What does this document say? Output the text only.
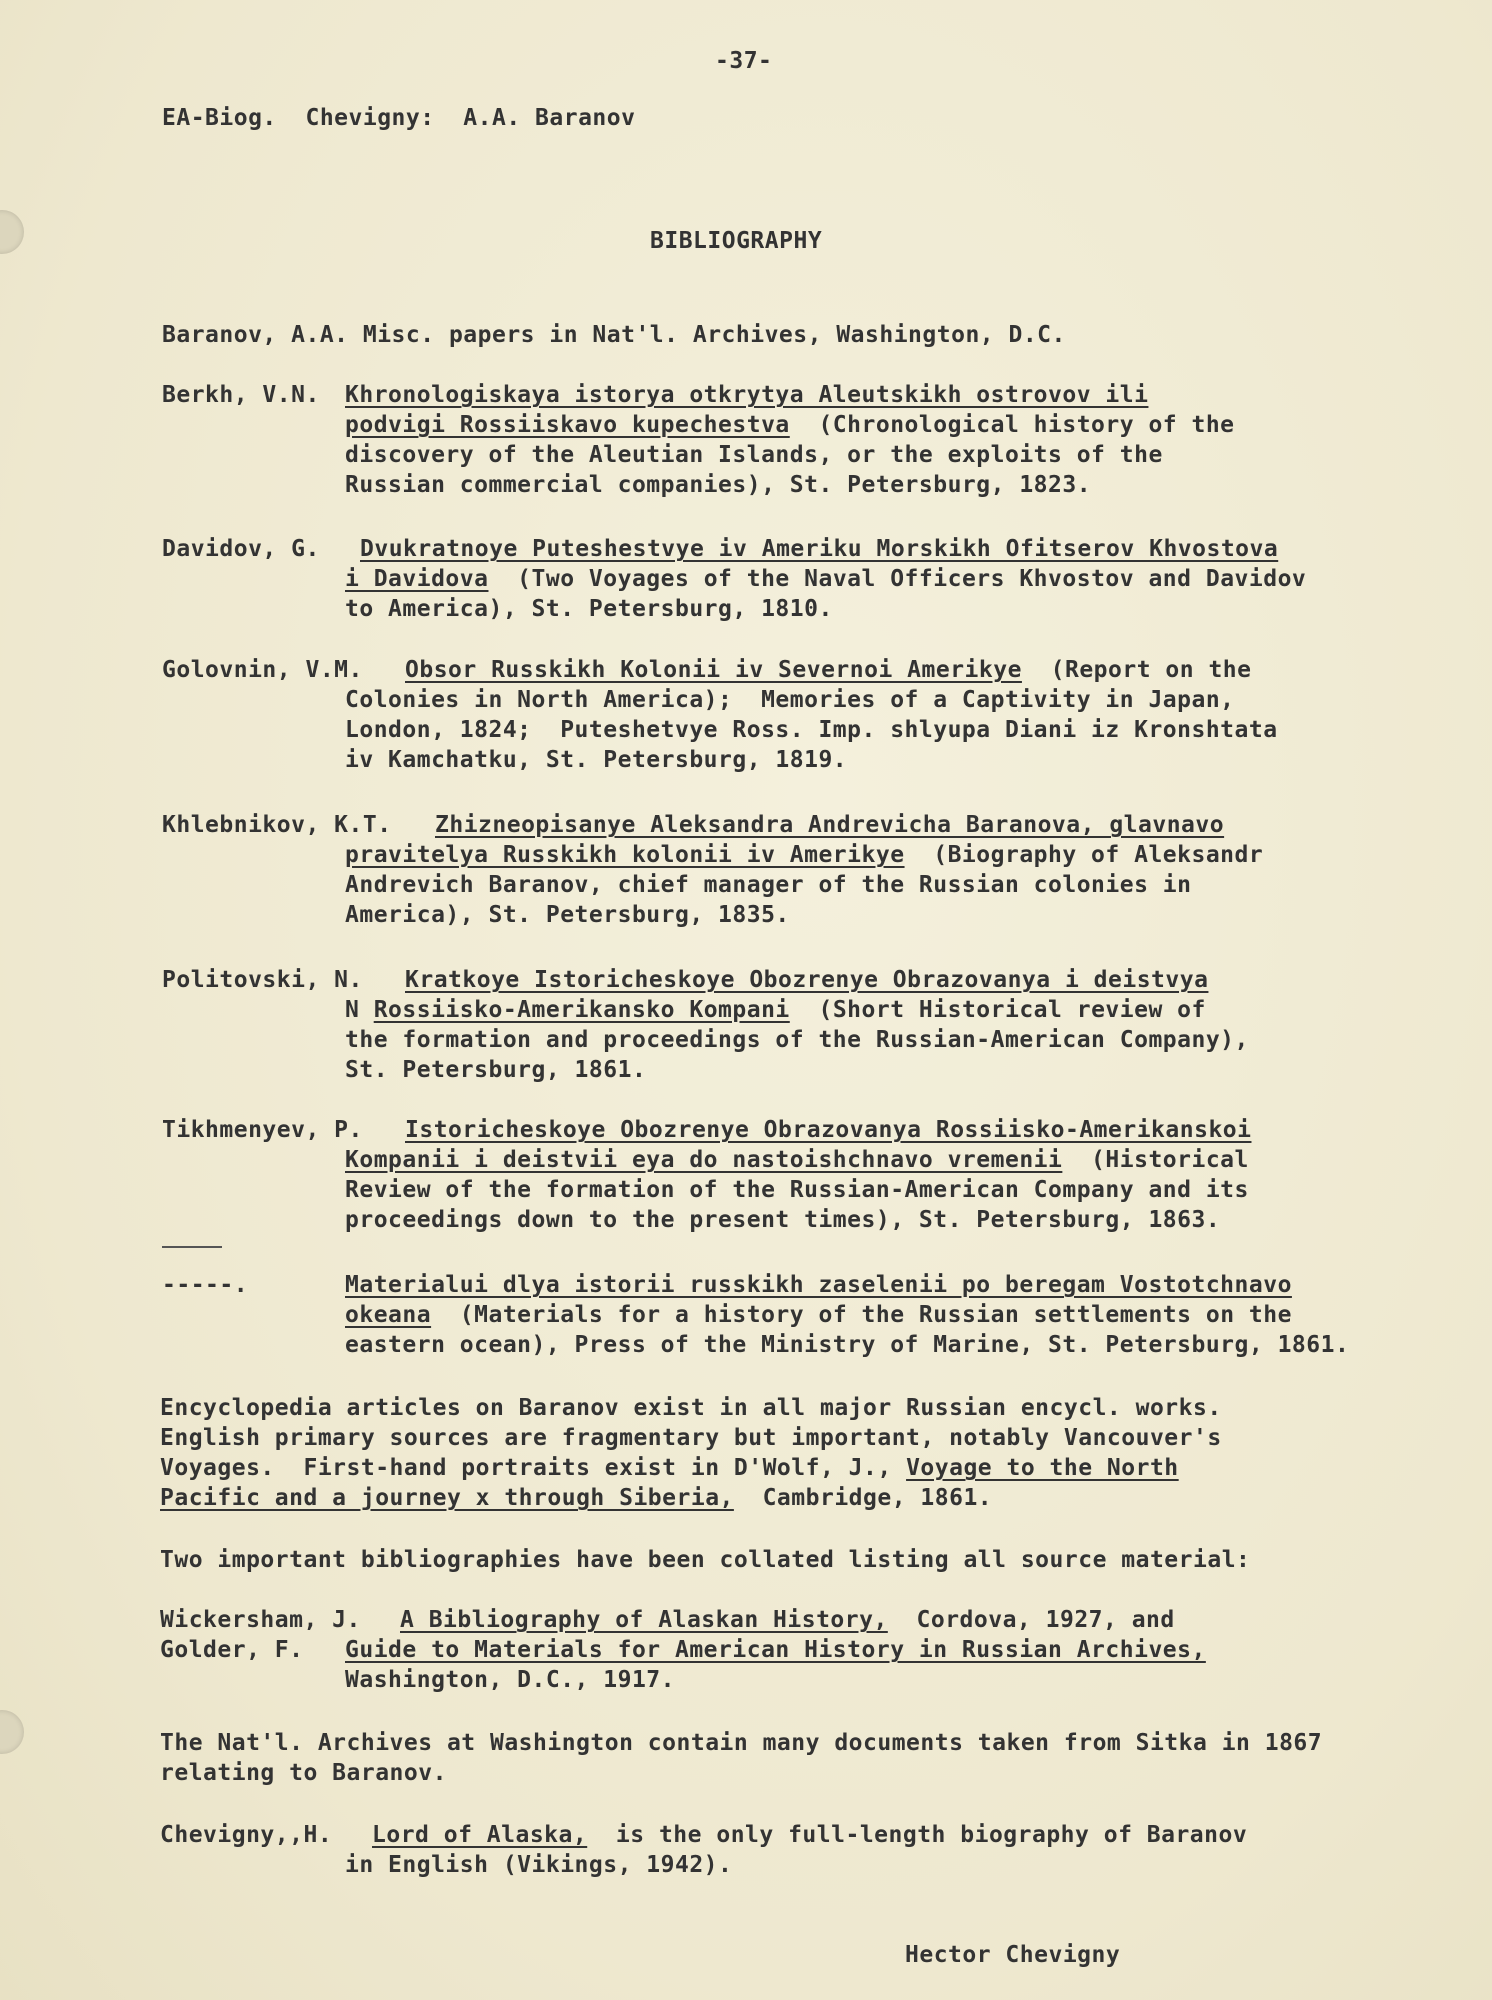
-37-
EA-Biog.  Chevigny:  A.A. Baranov
BIBLIOGRAPHY
Baranov, A.A. Misc. papers in Nat'l. Archives, Washington, D.C.
Berkh, V.N. Khronologiskaya istorya otkrytya Aleutskikh ostrovov ili
podvigi Rossiiskavo kupechestva  (Chronological history of the
discovery of the Aleutian Islands, or the exploits of the
Russian commercial companies), St. Petersburg, 1823.
Davidov, G. Dvukratnoye Puteshestvye iv Ameriku Morskikh Ofitserov Khvostova
i Davidova  (Two Voyages of the Naval Officers Khvostov and Davidov
to America), St. Petersburg, 1810.
Golovnin, V.M. Obsor Russkikh Kolonii iv Severnoi Amerikye  (Report on the
Colonies in North America);  Memories of a Captivity in Japan,
London, 1824;  Puteshetvye Ross. Imp. shlyupa Diani iz Kronshtata
iv Kamchatku, St. Petersburg, 1819.
Khlebnikov, K.T. Zhizneopisanye Aleksandra Andrevicha Baranova, glavnavo
pravitelya Russkikh kolonii iv Amerikye  (Biography of Aleksandr
Andrevich Baranov, chief manager of the Russian colonies in
America), St. Petersburg, 1835.
Politovski, N. Kratkoye Istoricheskoye Obozrenye Obrazovanya i deistvya
N Rossiisko-Amerikansko Kompani  (Short Historical review of
the formation and proceedings of the Russian-American Company),
St. Petersburg, 1861.
Tikhmenyev, P. Istoricheskoye Obozrenye Obrazovanya Rossiisko-Amerikanskoi
Kompanii i deistvii eya do nastoishchnavo vremenii  (Historical
Review of the formation of the Russian-American Company and its
proceedings down to the present times), St. Petersburg, 1863.
-----.	Materialui dlya istorii russkikh zaselenii po beregam Vostotchnavo
okeana  (Materials for a history of the Russian settlements on the
eastern ocean), Press of the Ministry of Marine, St. Petersburg, 1861.
Encyclopedia articles on Baranov exist in all major Russian encycl. works.
English primary sources are fragmentary but important, notably Vancouver's
Voyages.  First-hand portraits exist in D'Wolf, J., Voyage to the North
Pacific and a journey x through Siberia,  Cambridge, 1861.
Two important bibliographies have been collated listing all source material:
Wickersham, J. A Bibliography of Alaskan History,  Cordova, 1927, and
Golder, F. Guide to Materials for American History in Russian Archives,
Washington, D.C., 1917.
The Nat'l. Archives at Washington contain many documents taken from Sitka in 1867
relating to Baranov.
Chevigny,,H. Lord of Alaska,  is the only full-length biography of Baranov
in English (Vikings, 1942).
Hector Chevigny
